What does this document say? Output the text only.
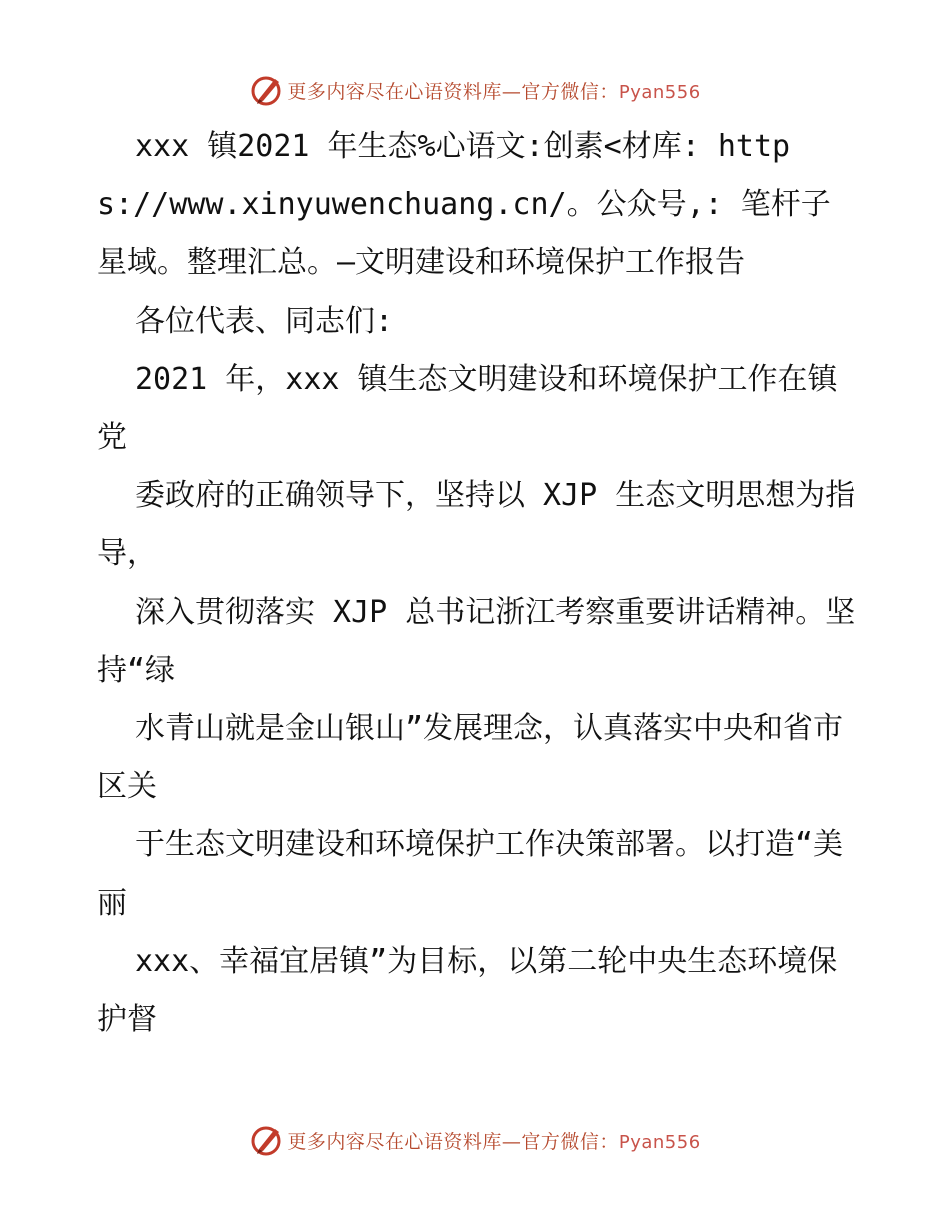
更多内容尽在心语资料库—官方微信：Pyan556

xxx 镇2021 年生态%心语文:创素<材库: https://www.xinyuwenchuang.cn/。公众号,: 笔杆子星域。整理汇总。—文明建设和环境保护工作报告

各位代表、同志们:

2021 年，xxx 镇生态文明建设和环境保护工作在镇党

委政府的正确领导下，坚持以 XJP 生态文明思想为指导，

深入贯彻落实 XJP 总书记浙江考察重要讲话精神。坚持“绿

水青山就是金山银山”发展理念，认真落实中央和省市区关

于生态文明建设和环境保护工作决策部署。以打造“美丽

xxx、幸福宜居镇”为目标，以第二轮中央生态环境保护督

更多内容尽在心语资料库—官方微信：Pyan556
